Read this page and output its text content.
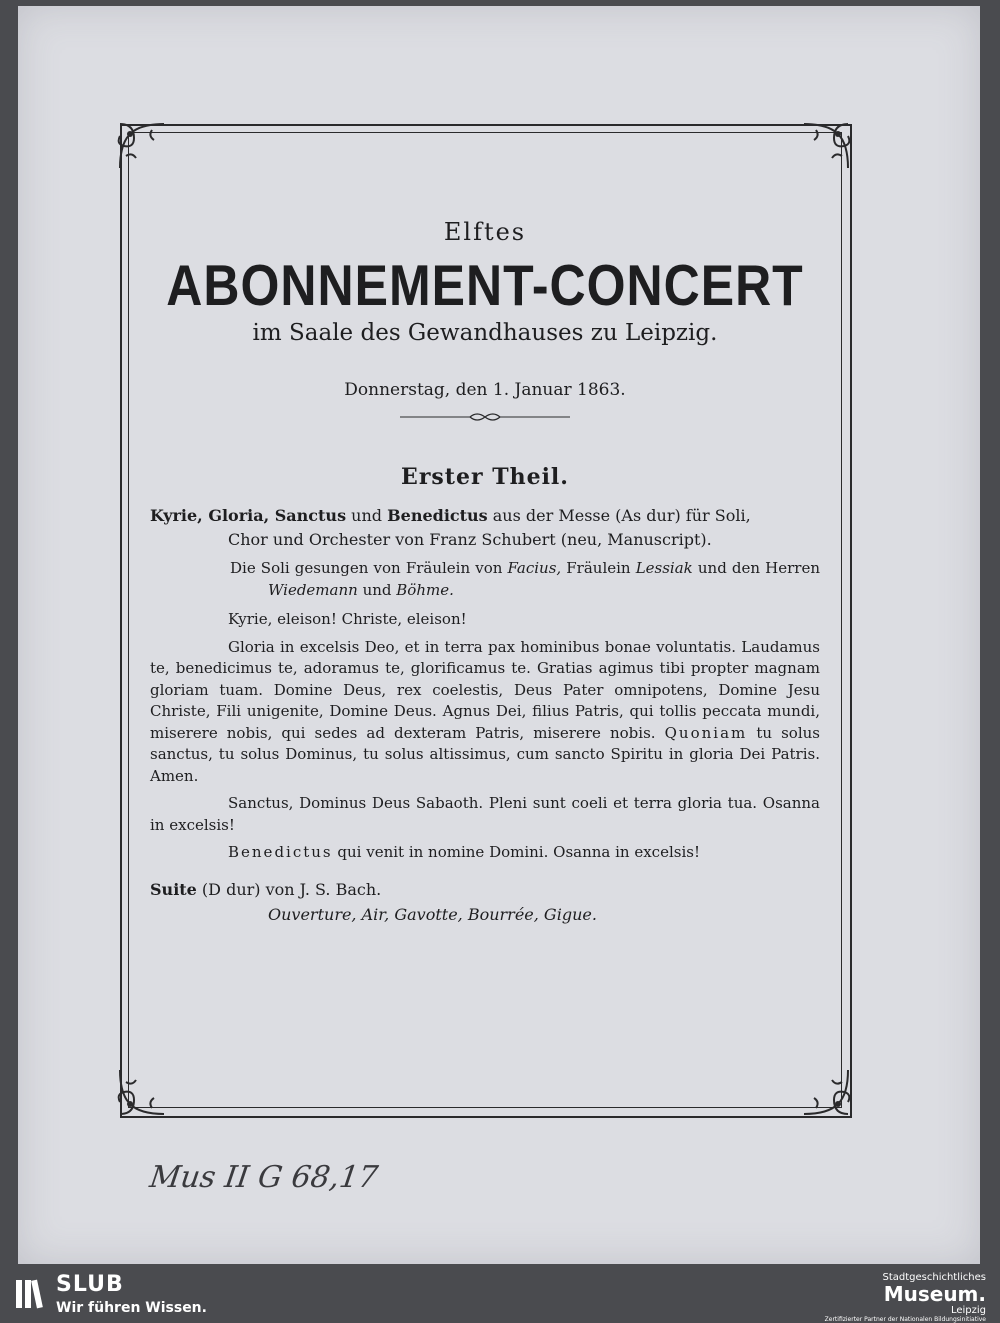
Elftes
ABONNEMENT-CONCERT
im Saale des Gewandhauses zu Leipzig.
Donnerstag, den 1. Januar 1863.
Erster Theil.
Kyrie, Gloria, Sanctus und Benedictus aus der Messe (As dur) für Soli,
Chor und Orchester von Franz Schubert (neu, Manuscript).

Die Soli gesungen von Fräulein von Facius, Fräulein Lessiak und den Herren Wiedemann und Böhme.

Kyrie, eleison! Christe, eleison!

Gloria in excelsis Deo, et in terra pax hominibus bonae voluntatis. Laudamus te, benedicimus te, adoramus te, glorificamus te. Gratias agimus tibi propter magnam gloriam tuam. Domine Deus, rex coelestis, Deus Pater omnipotens, Domine Jesu Christe, Fili unigenite, Domine Deus. Agnus Dei, filius Patris, qui tollis peccata mundi, miserere nobis, qui sedes ad dexteram Patris, miserere nobis. Quoniam tu solus sanctus, tu solus Dominus, tu solus altissimus, cum sancto Spiritu in gloria Dei Patris. Amen.

Sanctus, Dominus Deus Sabaoth. Pleni sunt coeli et terra gloria tua. Osanna in excelsis!

Benedictus qui venit in nomine Domini. Osanna in excelsis!

Suite (D dur) von J. S. Bach.
Ouverture, Air, Gavotte, Bourrée, Gigue.
Mus II G 68,17
SLUB
Wir führen Wissen.
Stadtgeschichtliches
Museum.
Leipzig
Zertifizierter Partner der Nationalen Bildungsinitiative
